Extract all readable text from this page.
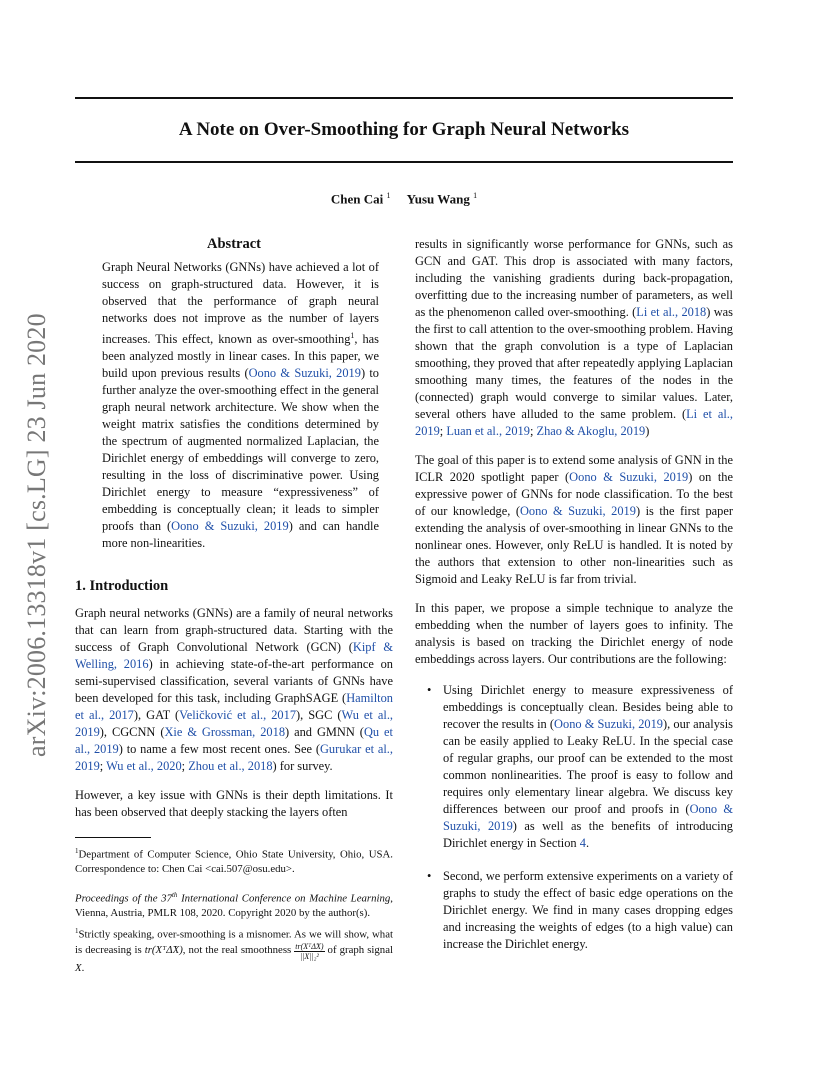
arXiv:2006.13318v1 [cs.LG] 23 Jun 2020
A Note on Over-Smoothing for Graph Neural Networks
Chen Cai $^1$ Yusu Wang $^1$
Abstract

Graph Neural Networks (GNNs) have achieved a lot of success on graph-structured data. However, it is observed that the performance of graph neural networks does not improve as the number of layers increases. This effect, known as over-smoothing$^1$, has been analyzed mostly in linear cases. In this paper, we build upon previous results (Oono & Suzuki, 2019) to further analyze the over-smoothing effect in the general graph neural network architecture. We show when the weight matrix satisfies the conditions determined by the spectrum of augmented normalized Laplacian, the Dirichlet energy of embeddings will converge to zero, resulting in the loss of discriminative power. Using Dirichlet energy to measure “expressiveness” of embedding is conceptually clean; it leads to simpler proofs than (Oono & Suzuki, 2019) and can handle more non-linearities.

1. Introduction

Graph neural networks (GNNs) are a family of neural networks that can learn from graph-structured data. Starting with the success of Graph Convolutional Network (GCN) (Kipf & Welling, 2016) in achieving state-of-the-art performance on semi-supervised classification, several variants of GNNs have been developed for this task, including GraphSAGE (Hamilton et al., 2017), GAT (Veličković et al., 2017), SGC (Wu et al., 2019), CGCNN (Xie & Grossman, 2018) and GMNN (Qu et al., 2019) to name a few most recent ones. See (Gurukar et al., 2019; Wu et al., 2020; Zhou et al., 2018) for survey.

However, a key issue with GNNs is their depth limitations. It has been observed that deeply stacking the layers often

$^1$Department of Computer Science, Ohio State University, Ohio, USA. Correspondence to: Chen Cai <cai.507@osu.edu>.

Proceedings of the 37th International Conference on Machine Learning, Vienna, Austria, PMLR 108, 2020. Copyright 2020 by the author(s).

$^1$Strictly speaking, over-smoothing is a misnomer. As we will show, what is decreasing is tr(XᵀΔ̃X), not the real smoothness $\frac{\text{tr(XᵀΔ̃X)}}{\text{||X||₂²}}$ of graph signal X.

results in significantly worse performance for GNNs, such as GCN and GAT. This drop is associated with many factors, including the vanishing gradients during back-propagation, overfitting due to the increasing number of parameters, as well as the phenomenon called over-smoothing. (Li et al., 2018) was the first to call attention to the over-smoothing problem. Having shown that the graph convolution is a type of Laplacian smoothing, they proved that after repeatedly applying Laplacian smoothing many times, the features of the nodes in the (connected) graph would converge to similar values. Later, several others have alluded to the same problem. (Li et al., 2019; Luan et al., 2019; Zhao & Akoglu, 2019)

The goal of this paper is to extend some analysis of GNN in the ICLR 2020 spotlight paper (Oono & Suzuki, 2019) on the expressive power of GNNs for node classification. To the best of our knowledge, (Oono & Suzuki, 2019) is the first paper extending the analysis of over-smoothing in linear GNNs to the nonlinear ones. However, only ReLU is handled. It is noted by the authors that extension to other non-linearities such as Sigmoid and Leaky ReLU is far from trivial.

In this paper, we propose a simple technique to analyze the embedding when the number of layers goes to infinity. The analysis is based on tracking the Dirichlet energy of node embeddings across layers. Our contributions are the following:

• Using Dirichlet energy to measure expressiveness of embeddings is conceptually clean. Besides being able to recover the results in (Oono & Suzuki, 2019), our analysis can be easily applied to Leaky ReLU. In the special case of regular graphs, our proof can be extended to the most common nonlinearities. The proof is easy to follow and requires only elementary linear algebra. We discuss key differences between our proof and proofs in (Oono & Suzuki, 2019) as well as the benefits of introducing Dirichlet energy in Section 4.
• Second, we perform extensive experiments on a variety of graphs to study the effect of basic edge operations on the Dirichlet energy. We find in many cases dropping edges and increasing the weights of edges (to a high value) can increase the Dirichlet energy.
